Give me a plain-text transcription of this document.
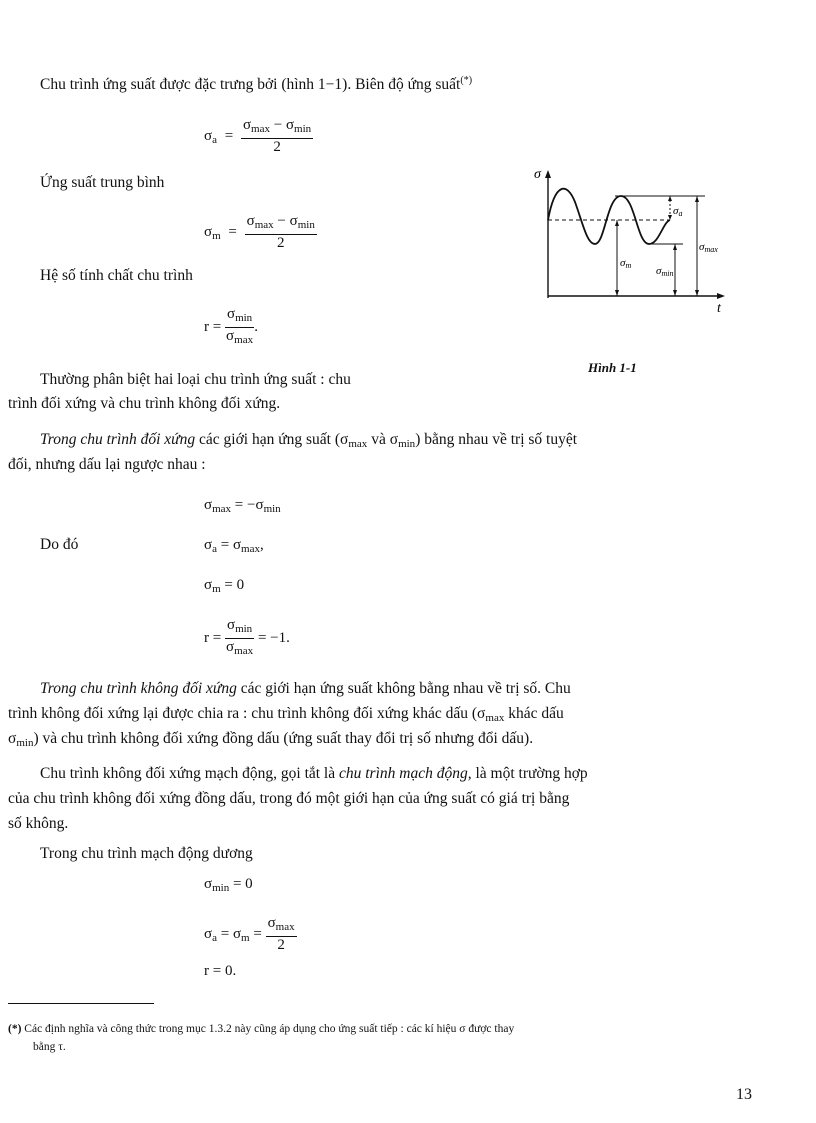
Chu trình ứng suất được đặc trưng bởi (hình 1−1). Biên độ ứng suất(*)
$\sigma_a = \frac{\sigma_{max} - \sigma_{min}}{2}$
Ứng suất trung bình
$\sigma_m = \frac{\sigma_{max} - \sigma_{min}}{2}$
Hệ số tính chất chu trình
$r = \frac{\sigma_{min}}{\sigma_{max}}$ .
σ
t
σa
σmax
σm σmin
Hình 1-1
Thường phân biệt hai loại chu trình ứng suất : chu
trình đối xứng và chu trình không đối xứng.
Trong chu trình đối xứng các giới hạn ứng suất ($\sigma_{max}$ và $\sigma_{min}$) bằng nhau về trị số tuyệt
đối, nhưng dấu lại ngược nhau :
$\sigma_{max} = -\sigma_{min}$
Do đó	$\sigma_a = \sigma_{max}$,
$\sigma_m = 0$
$r = \frac{\sigma_{min}}{\sigma_{max}} = -1$.
Trong chu trình không đối xứng các giới hạn ứng suất không bằng nhau về trị số. Chu
trình không đối xứng lại được chia ra : chu trình không đối xứng khác dấu ($\sigma_{max}$ khác dấu
$\sigma_{min}$) và chu trình không đối xứng đồng dấu (ứng suất thay đổi trị số nhưng đổi dấu).
Chu trình không đối xứng mạch động, gọi tắt là chu trình mạch động, là một trường hợp
của chu trình không đối xứng đồng dấu, trong đó một giới hạn của ứng suất có giá trị bằng
số không.
Trong chu trình mạch động dương
$\sigma_{min} = 0$
$\sigma_a = \sigma_m = \frac{\sigma_{max}}{2}$
r = 0.
(*) Các định nghĩa và công thức trong mục 1.3.2 này cũng áp dụng cho ứng suất tiếp : các kí hiệu σ được thay
bằng τ.
13
